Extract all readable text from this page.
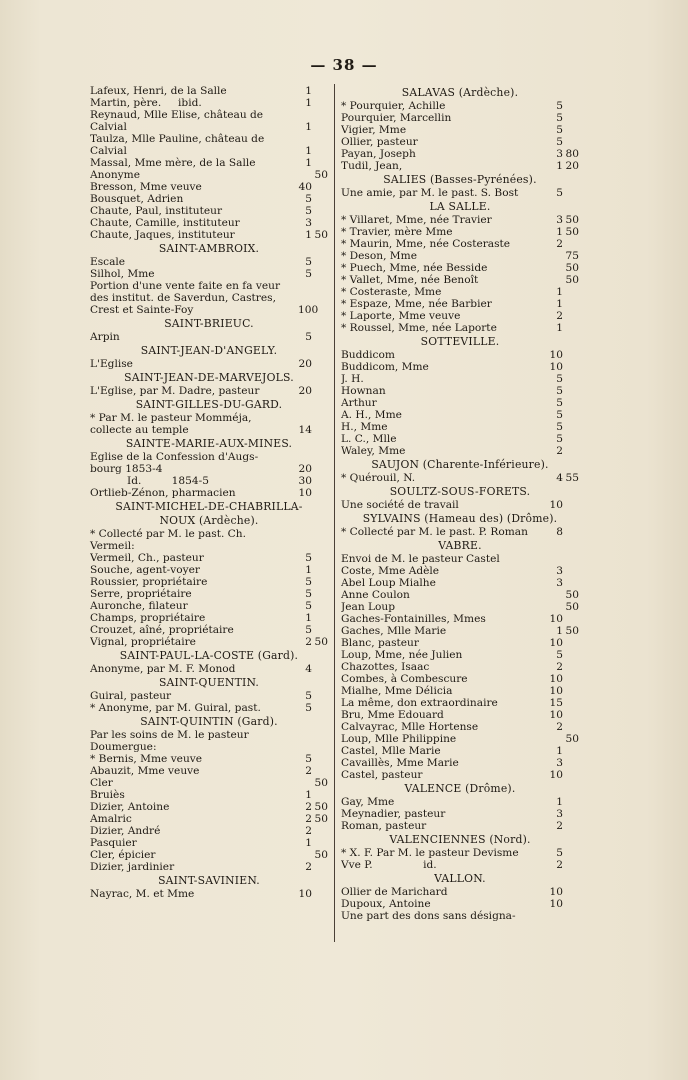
— 38 —
Lafeux, Henri, de la Salle	1
Martin, père.     ibid.	1
Reynaud, Mlle Elise, château de Calvial	1
Taulza, Mlle Pauline, château de Calvial	1
Massal, Mme mère, de la Salle	1
Anonyme	50
Bresson, Mme veuve	40
Bousquet, Adrien	5
Chaute, Paul, instituteur	5
Chaute, Camille, instituteur	3
Chaute, Jaques, instituteur	1 50
SAINT-AMBROIX.
Escale	5
Silhol, Mme	5
Portion d'une vente faite en fa veur des institut. de Saverdun, Castres, Crest et Sainte-Foy	100
SAINT-BRIEUC.
Arpin	5
SAINT-JEAN-D'ANGELY.
L'Eglise	20
SAINT-JEAN-DE-MARVEJOLS.
L'Eglise, par M. Dadre, pasteur	20
SAINT-GILLES-DU-GARD.
* Par M. le pasteur Momméja, collecte au temple	14
SAINTE-MARIE-AUX-MINES.
Eglise de la Confession d'Augs- bourg 1853-4	20
Id.         1854-5	30
Ortlieb-Zénon, pharmacien	10
SAINT-MICHEL-DE-CHABRILLA-
NOUX (Ardèche).
* Collecté par M. le past. Ch. Vermeil:
Vermeil, Ch., pasteur	5
Souche, agent-voyer	1
Roussier, propriétaire	5
Serre, propriétaire	5
Auronche, filateur	5
Champs, propriétaire	1
Crouzet, aîné, propriétaire	5
Vignal, propriétaire	2 50
SAINT-PAUL-LA-COSTE (Gard).
Anonyme, par M. F. Monod	4
SAINT-QUENTIN.
Guiral, pasteur	5
* Anonyme, par M. Guiral, past.	5
SAINT-QUINTIN (Gard).
Par les soins de M. le pasteur Doumergue:
* Bernis, Mme veuve	5
Abauzit, Mme veuve	2
Cler	50
Bruiès	1
Dizier, Antoine	2 50
Amalric	2 50
Dizier, André	2
Pasquier	1
Cler, épicier	50
Dizier, jardinier	2
SAINT-SAVINIEN.
Nayrac, M. et Mme	10
SALAVAS (Ardèche).
* Pourquier, Achille	5
Pourquier, Marcellin	5
Vigier, Mme	5
Ollier, pasteur	5
Payan, Joseph	3 80
Tudil, Jean,	1 20
SALIES (Basses-Pyrénées).
Une amie, par M. le past. S. Bost	5
LA SALLE.
* Villaret, Mme, née Travier	3 50
* Travier, mère Mme	1 50
* Maurin, Mme, née Costeraste	2
* Deson, Mme	75
* Puech, Mme, née Besside	50
* Vallet, Mme, née Benoît	50
* Costeraste, Mme	1
* Espaze, Mme, née Barbier	1
* Laporte, Mme veuve	2
* Roussel, Mme, née Laporte	1
SOTTEVILLE.
Buddicom	10
Buddicom, Mme	10
J. H.	5
Hownan	5
Arthur	5
A. H., Mme	5
H., Mme	5
L. C., Mlle	5
Waley, Mme	2
SAUJON (Charente-Inférieure).
* Quérouil, N.	4 55
SOULTZ-SOUS-FORETS.
Une société de travail	10
SYLVAINS (Hameau des) (Drôme).
* Collecté par M. le past. P. Roman	8
VABRE.
Envoi de M. le pasteur Castel
Coste, Mme Adèle	3
Abel Loup Mialhe	3
Anne Coulon	50
Jean Loup	50
Gaches-Fontainilles, Mmes	10
Gaches, Mlle Marie	1 50
Blanc, pasteur	10
Loup, Mme, née Julien	5
Chazottes, Isaac	2
Combes, à Combescure	10
Mialhe, Mme Délicia	10
La même, don extraordinaire	15
Bru, Mme Edouard	10
Calvayrac, Mlle Hortense	2
Loup, Mlle Philippine	50
Castel, Mlle Marie	1
Cavaillès, Mme Marie	3
Castel, pasteur	10
VALENCE (Drôme).
Gay, Mme	1
Meynadier, pasteur	3
Roman, pasteur	2
VALENCIENNES (Nord).
* X. F. Par M. le pasteur Devisme	5
Vve P.               id.	2
VALLON.
Ollier de Marichard	10
Dupoux, Antoine	10
Une part des dons sans désigna-
